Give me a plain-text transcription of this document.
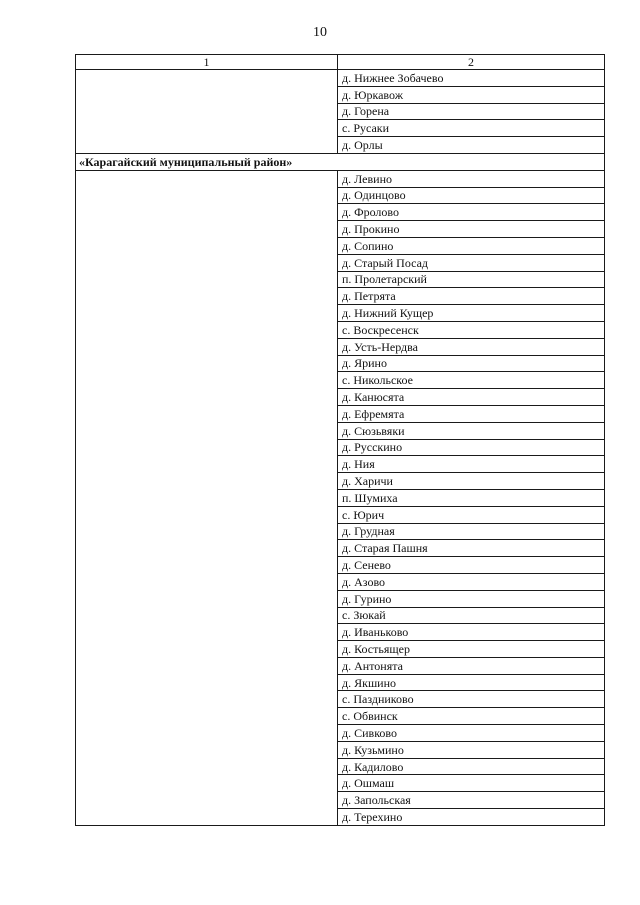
10
1	2
	д. Нижнее Зобачево
	д. Юркавож
	д. Горена
	с. Русаки
	д. Орлы
«Карагайский муниципальный район»	
	д. Левино
	д. Одинцово
	д. Фролово
	д. Прокино
	д. Сопино
	д. Старый Посад
	п. Пролетарский
	д. Петрята
	д. Нижний Кущер
	с. Воскресенск
	д. Усть-Нердва
	д. Ярино
	с. Никольское
	д. Канюсята
	д. Ефремята
	д. Сюзьвяки
	д. Русскино
	д. Ния
	д. Харичи
	п. Шумиха
	с. Юрич
	д. Грудная
	д. Старая Пашня
	д. Сенево
	д. Азово
	д. Гурино
	с. Зюкай
	д. Иваньково
	д. Костьящер
	д. Антонята
	д. Якшино
	с. Паздниково
	с. Обвинск
	д. Сивково
	д. Кузьмино
	д. Кадилово
	д. Ошмаш
	д. Запольская
	д. Терехино
